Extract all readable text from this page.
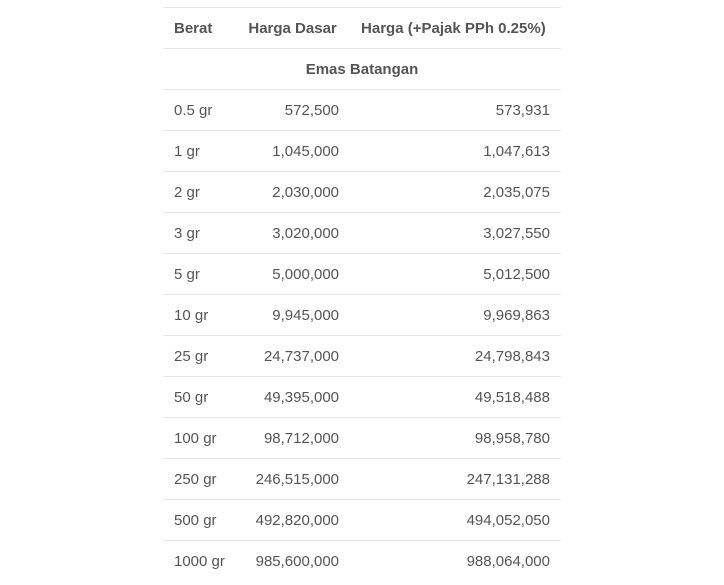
Berat	Harga Dasar	Harga (+Pajak PPh 0.25%)
Emas Batangan		
0.5 gr	572,500	573,931
1 gr	1,045,000	1,047,613
2 gr	2,030,000	2,035,075
3 gr	3,020,000	3,027,550
5 gr	5,000,000	5,012,500
10 gr	9,945,000	9,969,863
25 gr	24,737,000	24,798,843
50 gr	49,395,000	49,518,488
100 gr	98,712,000	98,958,780
250 gr	246,515,000	247,131,288
500 gr	492,820,000	494,052,050
1000 gr	985,600,000	988,064,000
